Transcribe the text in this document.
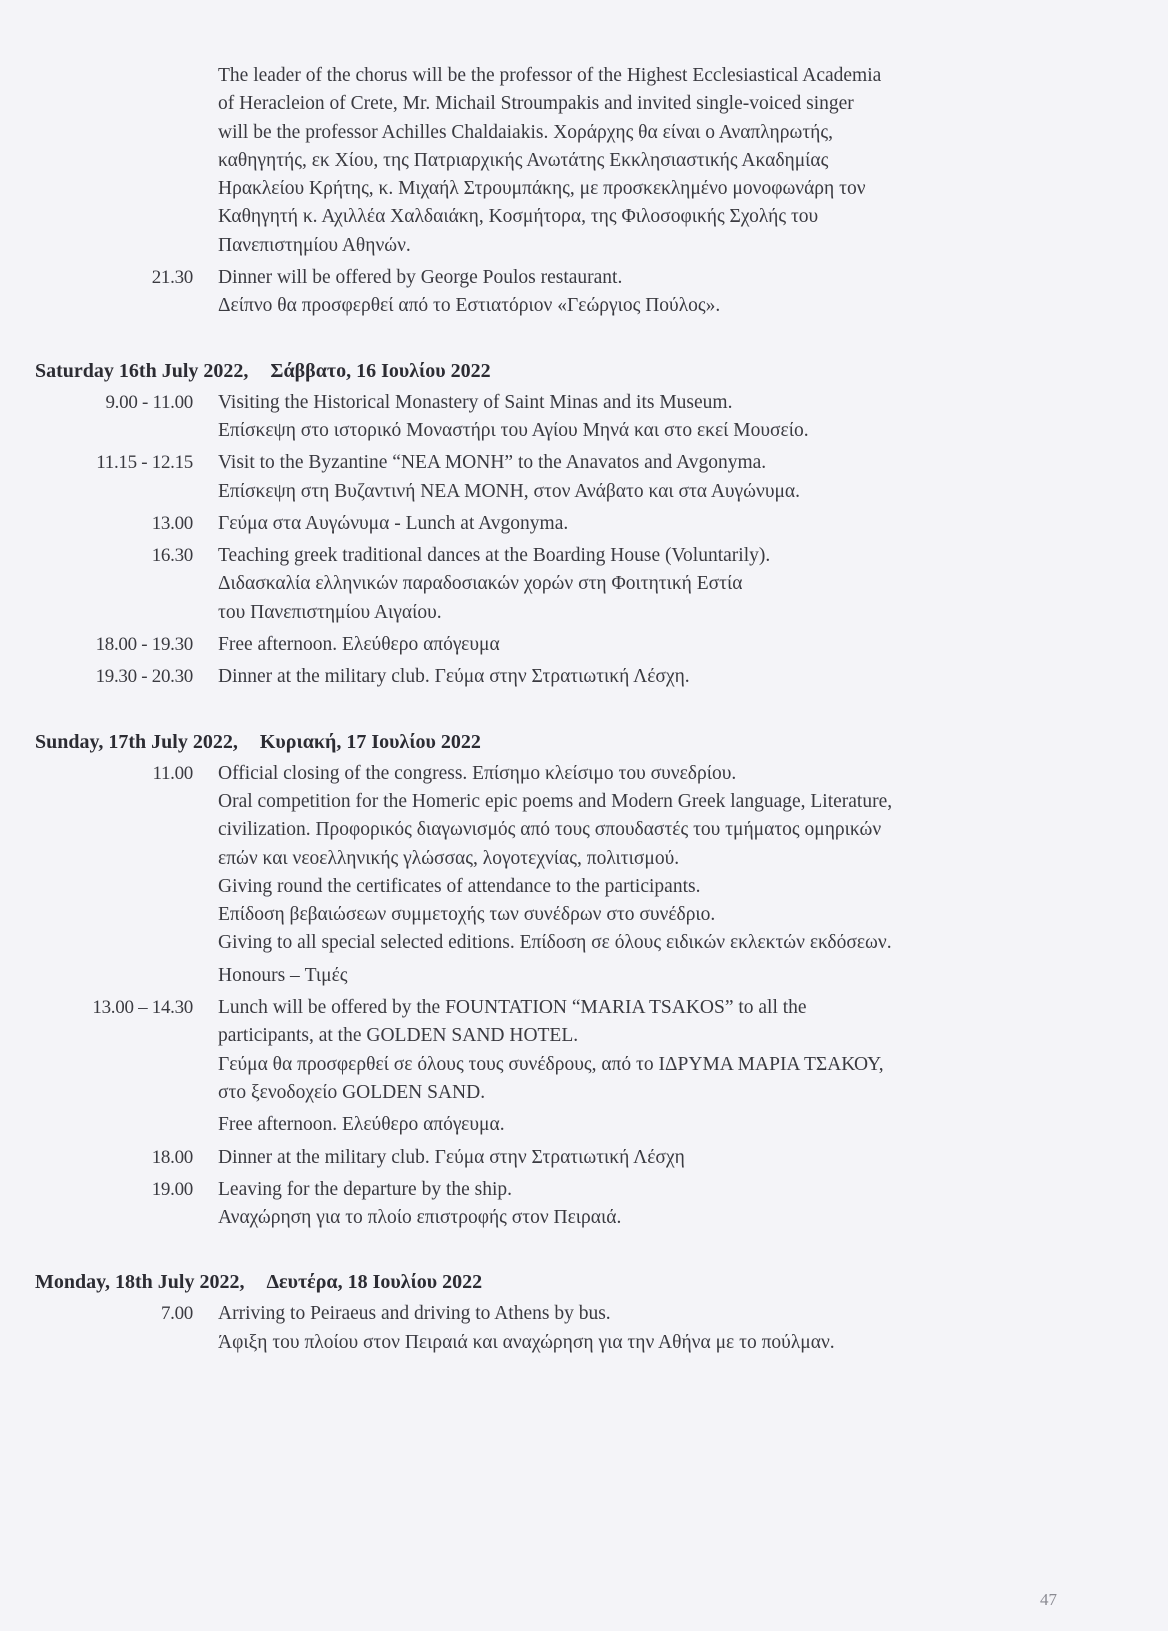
The leader of the chorus will be the professor of the Highest Ecclesiastical Academia
of Heracleion of Crete, Mr. Michail Stroumpakis and invited single-voiced singer
will be the professor Achilles Chaldaiakis. Χοράρχης θα είναι ο Αναπληρωτής,
καθηγητής, εκ Χίου, της Πατριαρχικής Ανωτάτης Εκκλησιαστικής Ακαδημίας
Ηρακλείου Κρήτης, κ. Μιχαήλ Στρουμπάκης, με προσκεκλημένο μονοφωνάρη τον
Καθηγητή κ. Αχιλλέα Χαλδαιάκη, Κοσμήτορα, της Φιλοσοφικής Σχολής του
Πανεπιστημίου Αθηνών.
21.30 Dinner will be offered by George Poulos restaurant.
Δείπνο θα προσφερθεί από το Εστιατόριον «Γεώργιος Πούλος».
Saturday 16th July 2022, Σάββατο, 16 Ιουλίου 2022
9.00 - 11.00 Visiting the Historical Monastery of Saint Minas and its Museum.
Επίσκεψη στο ιστορικό Μοναστήρι του Αγίου Μηνά και στο εκεί Μουσείο.
11.15 - 12.15 Visit to the Byzantine “NEA MONH” to the Anavatos and Avgonyma.
Επίσκεψη στη Βυζαντινή ΝΕΑ ΜΟΝΗ, στον Ανάβατο και στα Αυγώνυμα.
13.00 Γεύμα στα Αυγώνυμα - Lunch at Avgonyma.
16.30 Teaching greek traditional dances at the Boarding House (Voluntarily).
Διδασκαλία ελληνικών παραδοσιακών χορών στη Φοιτητική Εστία
του Πανεπιστημίου Αιγαίου.
18.00 - 19.30 Free afternoon. Ελεύθερο απόγευμα
19.30 - 20.30 Dinner at the military club. Γεύμα στην Στρατιωτική Λέσχη.
Sunday, 17th July 2022, Κυριακή, 17 Ιουλίου 2022
11.00 Official closing of the congress. Επίσημο κλείσιμο του συνεδρίου.
Oral competition for the Homeric epic poems and Modern Greek language, Literature,
civilization. Προφορικός διαγωνισμός από τους σπουδαστές του τμήματος ομηρικών
επών και νεοελληνικής γλώσσας, λογοτεχνίας, πολιτισμού.
Giving round the certificates of attendance to the participants.
Επίδοση βεβαιώσεων συμμετοχής των συνέδρων στο συνέδριο.
Giving to all special selected editions. Επίδοση σε όλους ειδικών εκλεκτών εκδόσεων.
Honours – Τιμές
13.00 – 14.30 Lunch will be offered by the FOUNTATION “MARIA TSAKOS” to all the
participants, at the GOLDEN SAND HOTEL.
Γεύμα θα προσφερθεί σε όλους τους συνέδρους, από το ΙΔΡΥΜΑ ΜΑΡΙΑ ΤΣΑΚΟΥ,
στο ξενοδοχείο GOLDEN SAND.
Free afternoon. Ελεύθερο απόγευμα.
18.00 Dinner at the military club. Γεύμα στην Στρατιωτική Λέσχη
19.00 Leaving for the departure by the ship.
Αναχώρηση για το πλοίο επιστροφής στον Πειραιά.
Monday, 18th July 2022, Δευτέρα, 18 Ιουλίου 2022
7.00 Arriving to Peiraeus and driving to Athens by bus.
Άφιξη του πλοίου στον Πειραιά και αναχώρηση για την Αθήνα με το πούλμαν.
47
